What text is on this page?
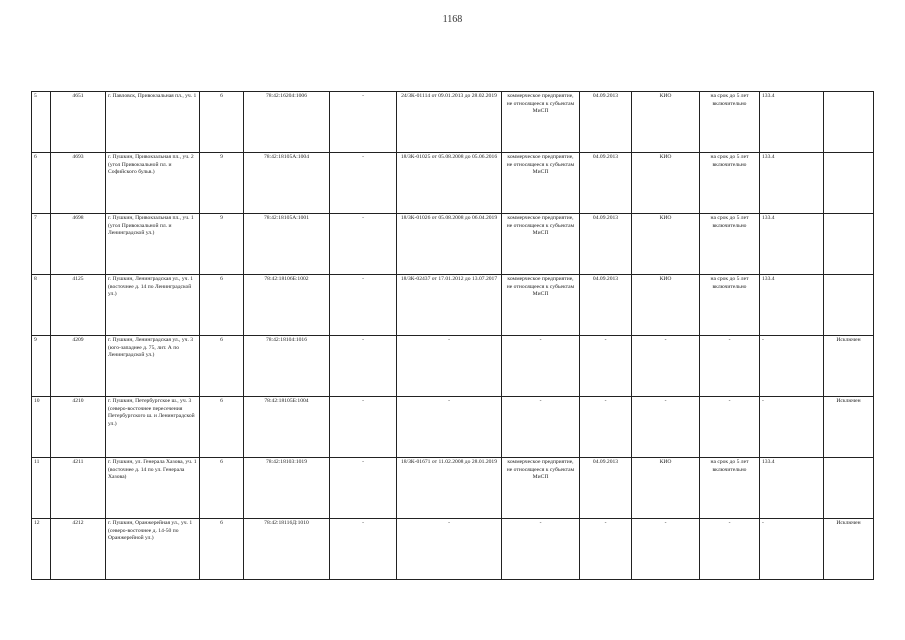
1168
5	4651	г. Павловск, Привокзальная пл., уч. 1	6	78:42:16204:1006	-	24/ЗК-01114 от 09.01.2013 до 28.02.2019	коммерческое предприятие, не относящееся к субъектам МиСП	04.09.2013	КИО	на срок до 5 лет включительно	133.4	
6	4693	г. Пушкин, Привокзальная пл., уч. 2 (угол Привокзальной пл. и Софийского бульв.)	9	78:42:18105А:1004	-	18/ЗК-01025 от 05.08.2008 до 05.06.2016	коммерческое предприятие, не относящееся к субъектам МиСП	04.09.2013	КИО	на срок до 5 лет включительно	133.4	
7	4698	г. Пушкин, Привокзальная пл., уч. 1 (угол Привокзальной пл. и Ленинградской ул.)	9	78:42:18105А:1001	-	18/ЗК-01026 от 05.08.2008 до 06.04.2019	коммерческое предприятие, не относящееся к субъектам МиСП	04.09.2013	КИО	на срок до 5 лет включительно	133.4	
8	4125	г. Пушкин, Ленинградская ул., уч. 1 (восточнее д. 14 по Ленинградской ул.)	6	78:42:18106Б:1002	-	18/ЗК-02437 от 17.01.2012 до 13.07.2017	коммерческое предприятие, не относящееся к субъектам МиСП	04.09.2013	КИО	на срок до 5 лет включительно	133.4	
9	4209	г. Пушкин, Ленинградская ул., уч. 3 (юго-западнее д. 75, лит. А по Ленинградской ул.)	6	78:42:18104:1016	-	-	-	-	-	-	-	Исключен
10	4210	г. Пушкин, Петербургское ш., уч. 3 (северо-восточнее пересечения Петербургского ш. и Ленинградской ул.)	6	78:42:18105Б:1004	-	-	-	-	-	-	-	Исключен
11	4211	г. Пушкин, ул. Генерала Хазова, уч. 1 (восточнее д. 14 по ул. Генерала Хазова)	6	78:42:18103:1019	-	18/ЗК-01671 от 11.02.2008 до 28.01.2019	коммерческое предприятие, не относящееся к субъектам МиСП	04.09.2013	КИО	на срок до 5 лет включительно	133.4	
12	4212	г. Пушкин, Оранжерейная ул., уч. 1 (северо-восточнее д. 14-50 по Оранжерейной ул.)	6	78:42:18116Д:1010	-	-	-	-	-	-	-	Исключен
